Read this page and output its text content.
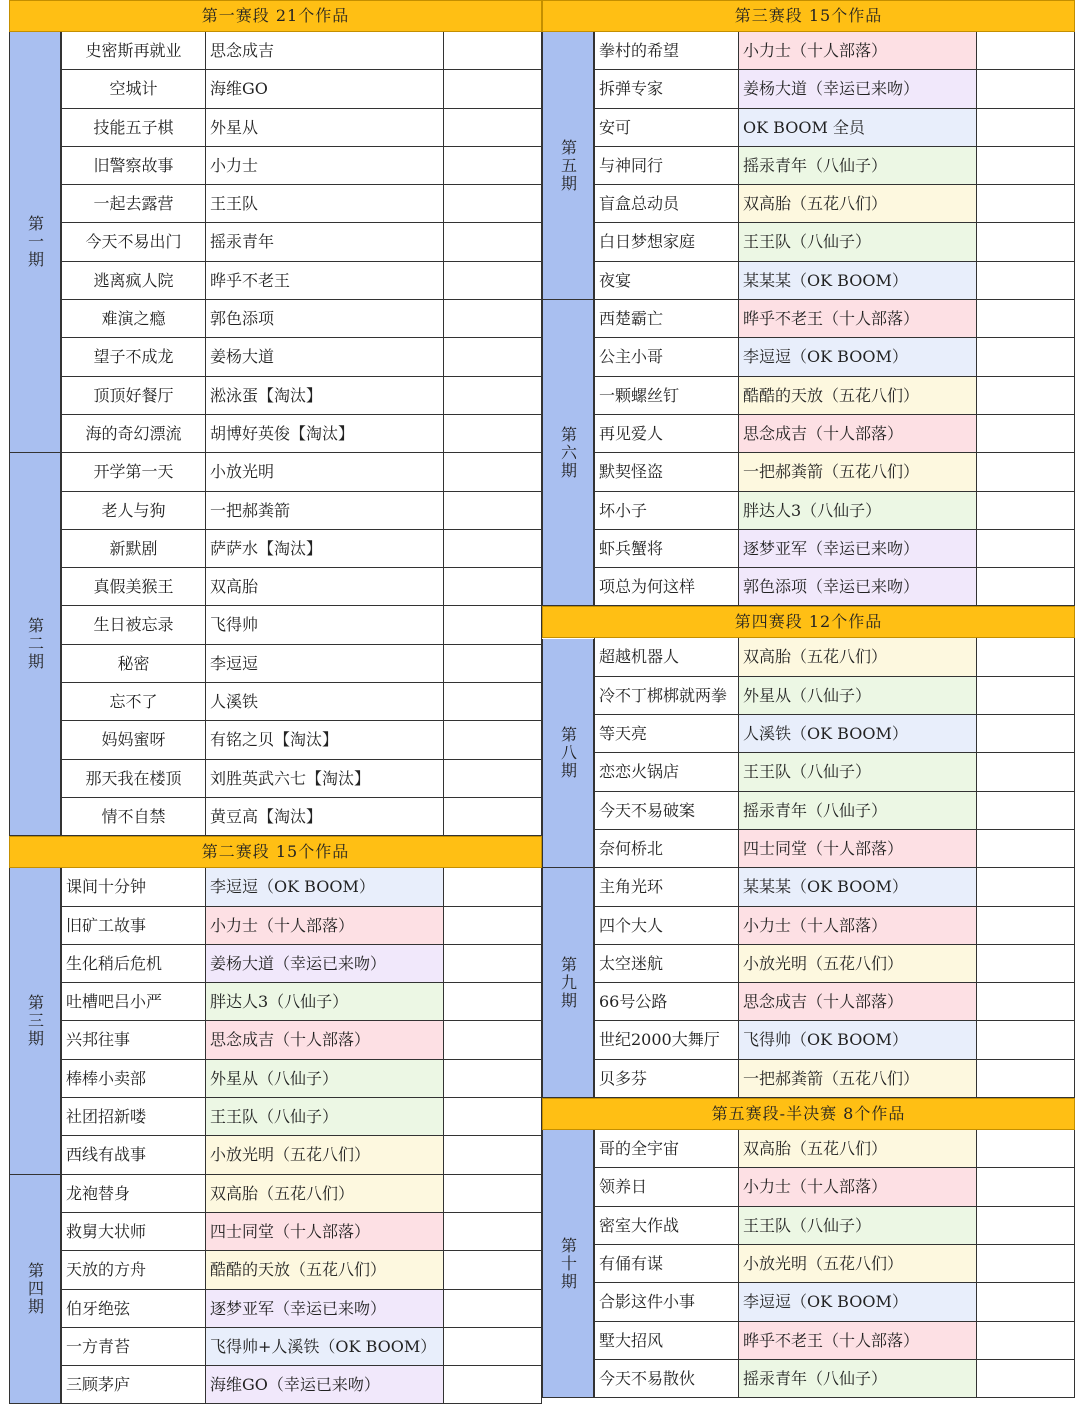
第一赛段 21个作品
史密斯再就业	思念成吉
空城计	海维GO
技能五子棋	外星从
旧警察故事	小力士
一起去露营	王王队
今天不易出门	摇汞青年
逃离疯人院	晔乎不老王
难演之瘾	郭色添项
望子不成龙	姜杨大道
顶顶好餐厅	淞泳蛋【淘汰】
海的奇幻漂流	胡博好英俊【淘汰】
第一期
开学第一天	小放光明
老人与狗	一把郝粪箭
新默剧	萨萨水【淘汰】
真假美猴王	双高胎
生日被忘录	飞得帅
秘密	李逗逗
忘不了	人溪铁
妈妈蜜呀	有铭之贝【淘汰】
那天我在楼顶	刘胜英武六七【淘汰】
情不自禁	黄豆高【淘汰】
第二期
第二赛段 15个作品
课间十分钟	李逗逗（OK BOOM）
旧矿工故事	小力士（十人部落）
生化稍后危机	姜杨大道（幸运已来吻）
吐槽吧吕小严	胖达人3（八仙子）
兴邦往事	思念成吉（十人部落）
棒棒小卖部	外星从（八仙子）
社团招新喽	王王队（八仙子）
西线有战事	小放光明（五花八们）
第三期
龙袍替身	双高胎（五花八们）
救舅大状师	四士同堂（十人部落）
天放的方舟	酷酷的天放（五花八们）
伯牙绝弦	逐梦亚军（幸运已来吻）
一方青苔	飞得帅+人溪铁（OK BOOM）
三顾茅庐	海维GO（幸运已来吻）
第四期
第三赛段 15个作品
拳村的希望	小力士（十人部落）
拆弹专家	姜杨大道（幸运已来吻）
安可	OK BOOM 全员
与神同行	摇汞青年（八仙子）
盲盒总动员	双高胎（五花八们）
白日梦想家庭	王王队（八仙子）
夜宴	某某某（OK BOOM）
第五期
西楚霸亡	晔乎不老王（十人部落）
公主小哥	李逗逗（OK BOOM）
一颗螺丝钉	酷酷的天放（五花八们）
再见爱人	思念成吉（十人部落）
默契怪盗	一把郝粪箭（五花八们）
坏小子	胖达人3（八仙子）
虾兵蟹将	逐梦亚军（幸运已来吻）
项总为何这样	郭色添项（幸运已来吻）
第六期
第四赛段 12个作品
超越机器人	双高胎（五花八们）
冷不丁梆梆就两拳 外星从（八仙子）
等天亮	人溪铁（OK BOOM）
恋恋火锅店	王王队（八仙子）
今天不易破案	摇汞青年（八仙子）
奈何桥北	四士同堂（十人部落）
第八期
主角光环	某某某（OK BOOM）
四个大人	小力士（十人部落）
太空迷航	小放光明（五花八们）
66号公路	思念成吉（十人部落）
世纪2000大舞厅	飞得帅（OK BOOM）
贝多芬	一把郝粪箭（五花八们）
第九期
第五赛段-半决赛 8个作品
哥的全宇宙	双高胎（五花八们）
领养日	小力士（十人部落）
密室大作战	王王队（八仙子）
有俑有谋	小放光明（五花八们）
合影这件小事	李逗逗（OK BOOM）
墅大招风	晔乎不老王（十人部落）
今天不易散伙	摇汞青年（八仙子）
第十期
